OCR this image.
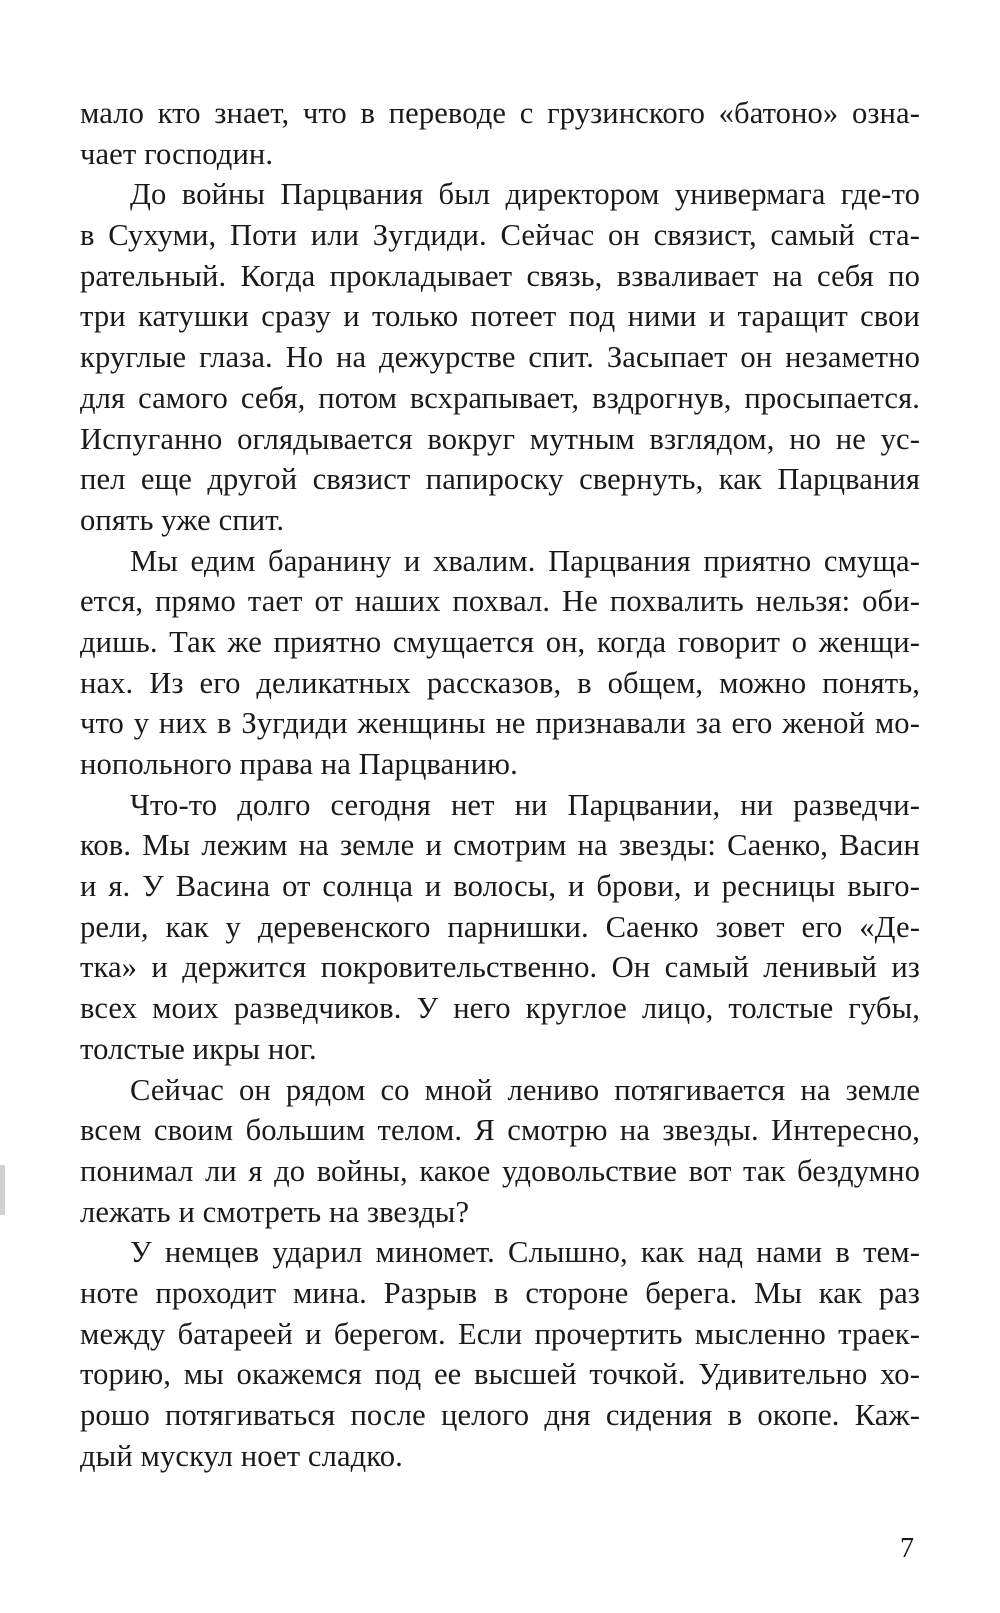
мало кто знает, что в переводе с грузинского «батоно» озна-
чает господин.
До войны Парцвания был директором универмага где-то
в Сухуми, Поти или Зугдиди. Сейчас он связист, самый ста-
рательный. Когда прокладывает связь, взваливает на себя по
три катушки сразу и только потеет под ними и таращит свои
круглые глаза. Но на дежурстве спит. Засыпает он незаметно
для самого себя, потом всхрапывает, вздрогнув, просыпается.
Испуганно оглядывается вокруг мутным взглядом, но не ус-
пел еще другой связист папироску свернуть, как Парцвания
опять уже спит.
Мы едим баранину и хвалим. Парцвания приятно смуща-
ется, прямо тает от наших похвал. Не похвалить нельзя: оби-
дишь. Так же приятно смущается он, когда говорит о женщи-
нах. Из его деликатных рассказов, в общем, можно понять,
что у них в Зугдиди женщины не признавали за его женой мо-
нопольного права на Парцванию.
Что-то долго сегодня нет ни Парцвании, ни разведчи-
ков. Мы лежим на земле и смотрим на звезды: Саенко, Васин
и я. У Васина от солнца и волосы, и брови, и ресницы выго-
рели, как у деревенского парнишки. Саенко зовет его «Де-
тка» и держится покровительственно. Он самый ленивый из
всех моих разведчиков. У него круглое лицо, толстые губы,
толстые икры ног.
Сейчас он рядом со мной лениво потягивается на земле
всем своим большим телом. Я смотрю на звезды. Интересно,
понимал ли я до войны, какое удовольствие вот так бездумно
лежать и смотреть на звезды?
У немцев ударил миномет. Слышно, как над нами в тем-
ноте проходит мина. Разрыв в стороне берега. Мы как раз
между батареей и берегом. Если прочертить мысленно траек-
торию, мы окажемся под ее высшей точкой. Удивительно хо-
рошо потягиваться после целого дня сидения в окопе. Каж-
дый мускул ноет сладко.
7
